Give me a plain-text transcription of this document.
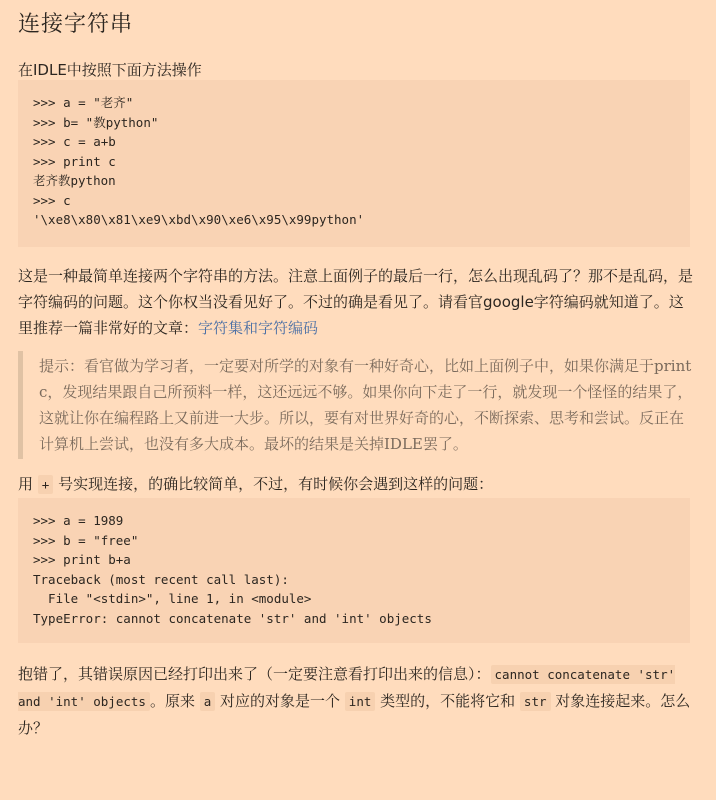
连接字符串

在IDLE中按照下面方法操作

>>> a = "老齐"
>>> b= "教python"
>>> c = a+b
>>> print c
老齐教python
>>> c
'\xe8\x80\x81\xe9\xbd\x90\xe6\x95\x99python'

这是一种最简单连接两个字符串的方法。注意上面例子的最后一行，怎么出现乱码了？那不是乱码，是字符编码的问题。这个你权当没看见好了。不过的确是看见了。请看官google字符编码就知道了。这里推荐一篇非常好的文章：字符集和字符编码

提示：看官做为学习者，一定要对所学的对象有一种好奇心，比如上面例子中，如果你满足于print c，发现结果跟自己所预料一样，这还远远不够。如果你向下走了一行，就发现一个怪怪的结果了，这就让你在编程路上又前进一大步。所以，要有对世界好奇的心，不断探索、思考和尝试。反正在计算机上尝试，也没有多大成本。最坏的结果是关掉IDLE罢了。

用 + 号实现连接，的确比较简单，不过，有时候你会遇到这样的问题：

>>> a = 1989
>>> b = "free"
>>> print b+a
Traceback (most recent call last):
File "<stdin>", line 1, in <module>
TypeError: cannot concatenate 'str' and 'int' objects

抱错了，其错误原因已经打印出来了（一定要注意看打印出来的信息）： cannot concatenate 'str' and 'int' objects 。原来 a 对应的对象是一个 int 类型的，不能将它和 str 对象连接起来。怎么办？
